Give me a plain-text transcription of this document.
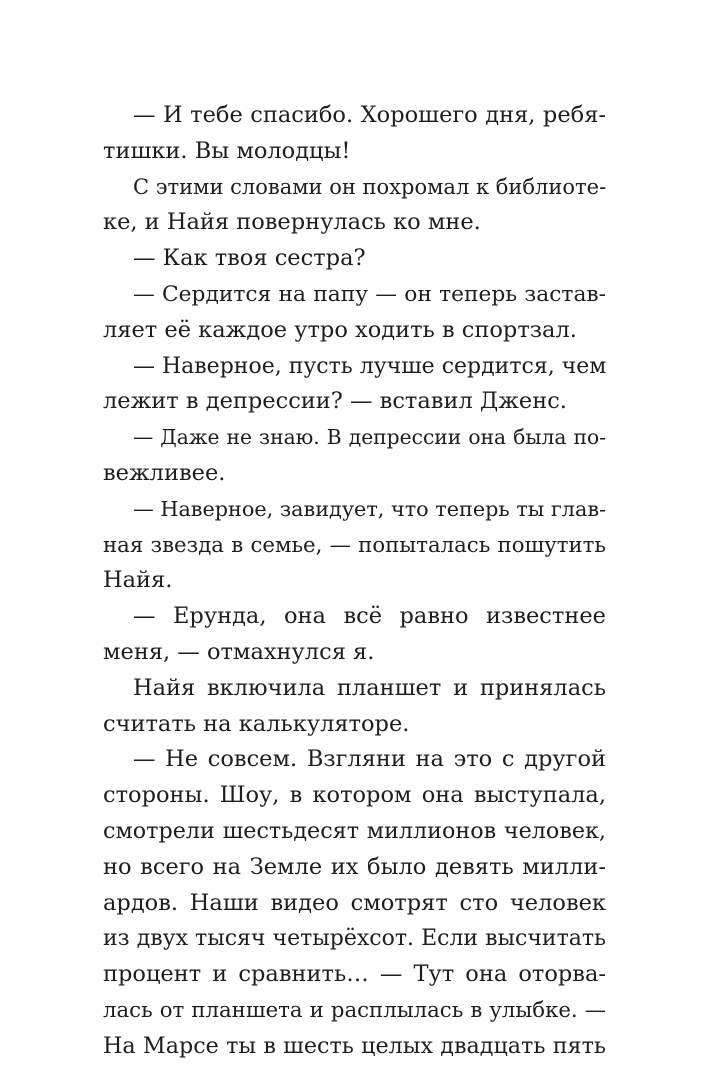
— И тебе спасибо. Хорошего дня, ребя-
тишки. Вы молодцы!
С этими словами он похромал к библиоте-
ке, и Найя повернулась ко мне.
— Как твоя сестра?
— Сердится на папу — он теперь застав-
ляет её каждое утро ходить в спортзал.
— Наверное, пусть лучше сердится, чем
лежит в депрессии? — вставил Дженс.
— Даже не знаю. В депрессии она была по-
вежливее.
— Наверное, завидует, что теперь ты глав-
ная звезда в семье, — попыталась пошутить
Найя.
— Ерунда, она всё равно известнее
меня, — отмахнулся я.
Найя включила планшет и принялась
считать на калькуляторе.
— Не совсем. Взгляни на это с другой
стороны. Шоу, в котором она выступала,
смотрели шестьдесят миллионов человек,
но всего на Земле их было девять милли-
ардов. Наши видео смотрят сто человек
из двух тысяч четырёхсот. Если высчитать
процент и сравнить… — Тут она оторва-
лась от планшета и расплылась в улыбке. —
На Марсе ты в шесть целых двадцать пять
